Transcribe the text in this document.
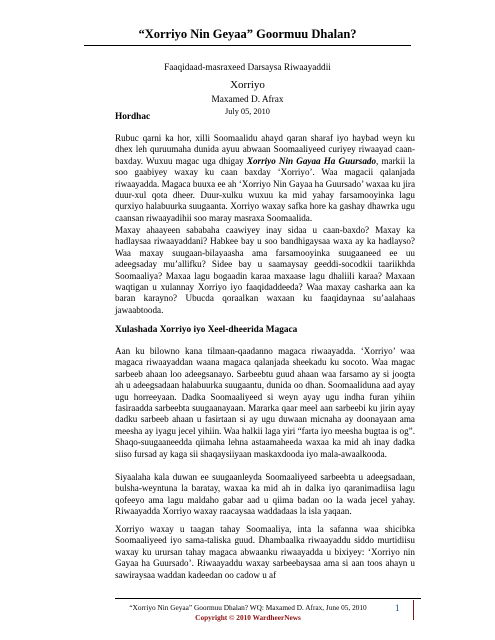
“Xorriyo Nin Geyaa” Goormuu Dhalan?
Faaqidaad-masraxeed Darsaysa Riwaayaddii
Xorriyo
Maxamed D. Afrax
July 05, 2010
Hordhac

Rubuc qarni ka hor, xilli Soomaalidu ahayd qaran sharaf iyo haybad weyn ku dhex leh quruumaha dunida ayuu abwaan Soomaaliyeed curiyey riwaayad caan-baxday. Wuxuu magac uga dhigay Xorriyo Nin Gayaa Ha Guursado, markii la soo gaabiyey waxay ku caan baxday ‘Xorriyo’. Waa magacii qalanjada riwaayadda. Magaca buuxa ee ah ‘Xorriyo Nin Gayaa ha Guursado’ waxaa ku jira duur-xul qota dheer. Duur-xulku wuxuu ka mid yahay farsamooyinka lagu qurxiyo halabuurka suugaanta. Xorriyo waxay safka hore ka gashay dhawrka ugu caansan riwaayadihii soo maray masraxa Soomaalida.

Maxay ahaayeen sababaha caawiyey inay sidaa u caan-baxdo? Maxay ka hadlaysaa riwaayaddani? Habkee bay u soo bandhigaysaa waxa ay ka hadlayso? Waa maxay suugaan-bilayaasha ama farsamooyinka suugaaneed ee uu adeegsaday mu’allifku? Sidee bay u saamaysay geeddi-socodkii taariikhda Soomaaliya? Maxaa lagu bogaadin karaa maxaase lagu dhaliili karaa? Maxaan waqtigan u xulannay Xorriyo iyo faaqidaddeeda? Waa maxay casharka aan ka baran karayno? Ubucda qoraalkan waxaan ku faaqidaynaa su’aalahaas jawaabtooda.

Xulashada Xorriyo iyo Xeel-dheerida Magaca

Aan ku bilowno kana tilmaan-qaadanno magaca riwaayadda. ‘Xorriyo’ waa magaca riwaayaddan waana magaca qalanjada sheekadu ku socoto. Waa magac sarbeeb ahaan loo adeegsanayo. Sarbeebtu guud ahaan waa farsamo ay si joogta ah u adeegsadaan halabuurka suugaantu, dunida oo dhan. Soomaaliduna aad ayay ugu horreeyaan. Dadka Soomaaliyeed si weyn ayay ugu indha furan yihiin fasiraadda sarbeebta suugaanayaan. Mararka qaar meel aan sarbeebi ku jirin ayay dadku sarbeeb ahaan u fasirtaan si ay ugu duwaan micnaha ay doonayaan ama meesha ay iyagu jecel yihiin. Waa halkii laga yiri “farta iyo meesha bugtaa is og”. Shaqo-suugaaneedda qiimaha lehna astaamaheeda waxaa ka mid ah inay dadka siiso fursad ay kaga sii shaqaysiiyaan maskaxdooda iyo mala-awaalkooda.

Siyaalaha kala duwan ee suugaanleyda Soomaaliyeed sarbeebta u adeegsadaan, bulsha-weyntuna la baratay, waxaa ka mid ah in dalka iyo qaranimadiisa lagu qofeeyo ama lagu maldaho gabar aad u qiima badan oo la wada jecel yahay. Riwaayadda Xorriyo waxay raacaysaa waddadaas la isla yaqaan.

Xorriyo waxay u taagan tahay Soomaaliya, inta la safanna waa shicibka Soomaaliyeed iyo sama-taliska guud. Dhambaalka riwaayaddu siddo murtidiisu waxay ku urursan tahay magaca abwaanku riwaayadda u bixiyey: ‘Xorriyo nin Gayaa ha Guursado’. Riwaayaddu waxay sarbeebaysaa ama si aan toos ahayn u sawiraysaa waddan kadeedan oo cadow u af

“Xorriyo Nin Geyaa” Goormuu Dhalan? WQ: Maxamed D. Afrax, June 05, 2010
Copyright © 2010 WardheerNews
1
